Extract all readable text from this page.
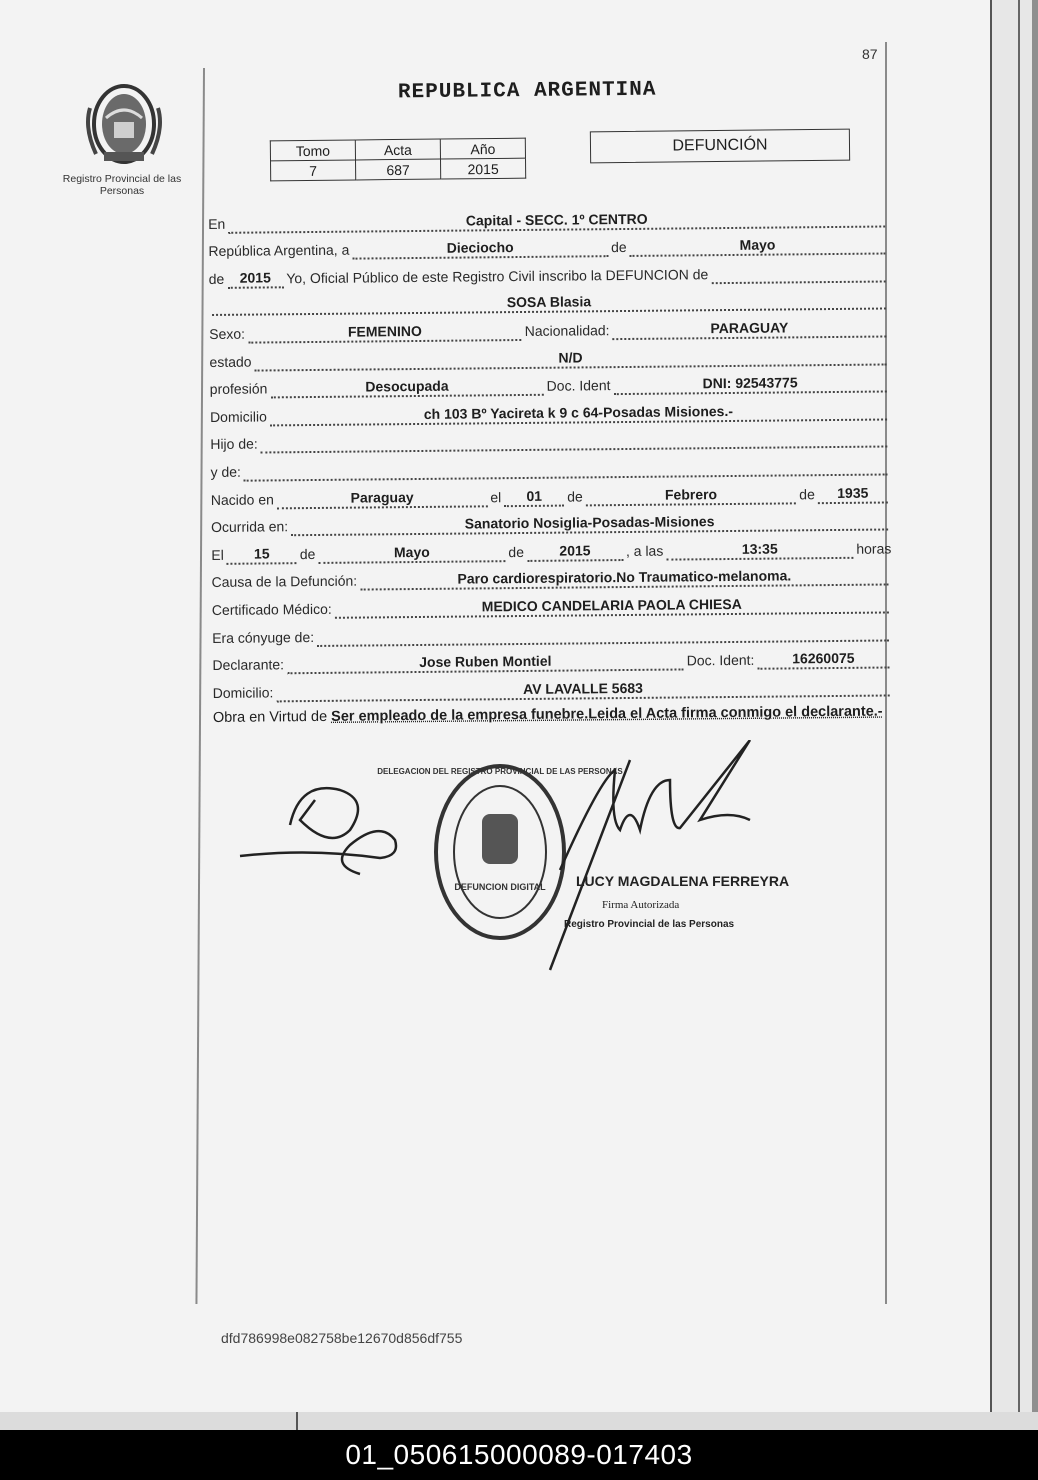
87
Registro Provincial de las Personas
REPUBLICA ARGENTINA
Tomo	Acta	Año
7	687	2015
DEFUNCIÓN
En	Capital - SECC. 1º CENTRO
República Argentina, a	Dieciocho	de	Mayo
de	2015	Yo, Oficial Público de este Registro Civil inscribo la DEFUNCION de
SOSA Blasia
Sexo:	FEMENINO	Nacionalidad:	PARAGUAY
estado	N/D
profesión	Desocupada	Doc. Ident	DNI: 92543775
Domicilio	ch 103 Bº Yacireta k 9 c 64-Posadas Misiones.-
Hijo de:
y de:
Nacido en	Paraguay	el	01	de	Febrero	de	1935
Ocurrida en:	Sanatorio Nosiglia-Posadas-Misiones
El	15	de	Mayo	de	2015	, a las	13:35	horas
Causa de la Defunción:	Paro cardiorespiratorio.No Traumatico-melanoma.
Certificado Médico:	MEDICO CANDELARIA PAOLA CHIESA
Era cónyuge de:
Declarante:	Jose Ruben Montiel	Doc. Ident:	16260075
Domicilio:	AV LAVALLE 5683
Obra en Virtud de Ser empleado de la empresa funebre.Leida el Acta firma conmigo el declarante.-
DELEGACION DEL REGISTRO PROVINCIAL DE LAS PERSONAS
DEFUNCION DIGITAL LUCY MAGDALENA FERREYRA
Firma Autorizada
Registro Provincial de las Personas
dfd786998e082758be12670d856df755
01_050615000089-017403
